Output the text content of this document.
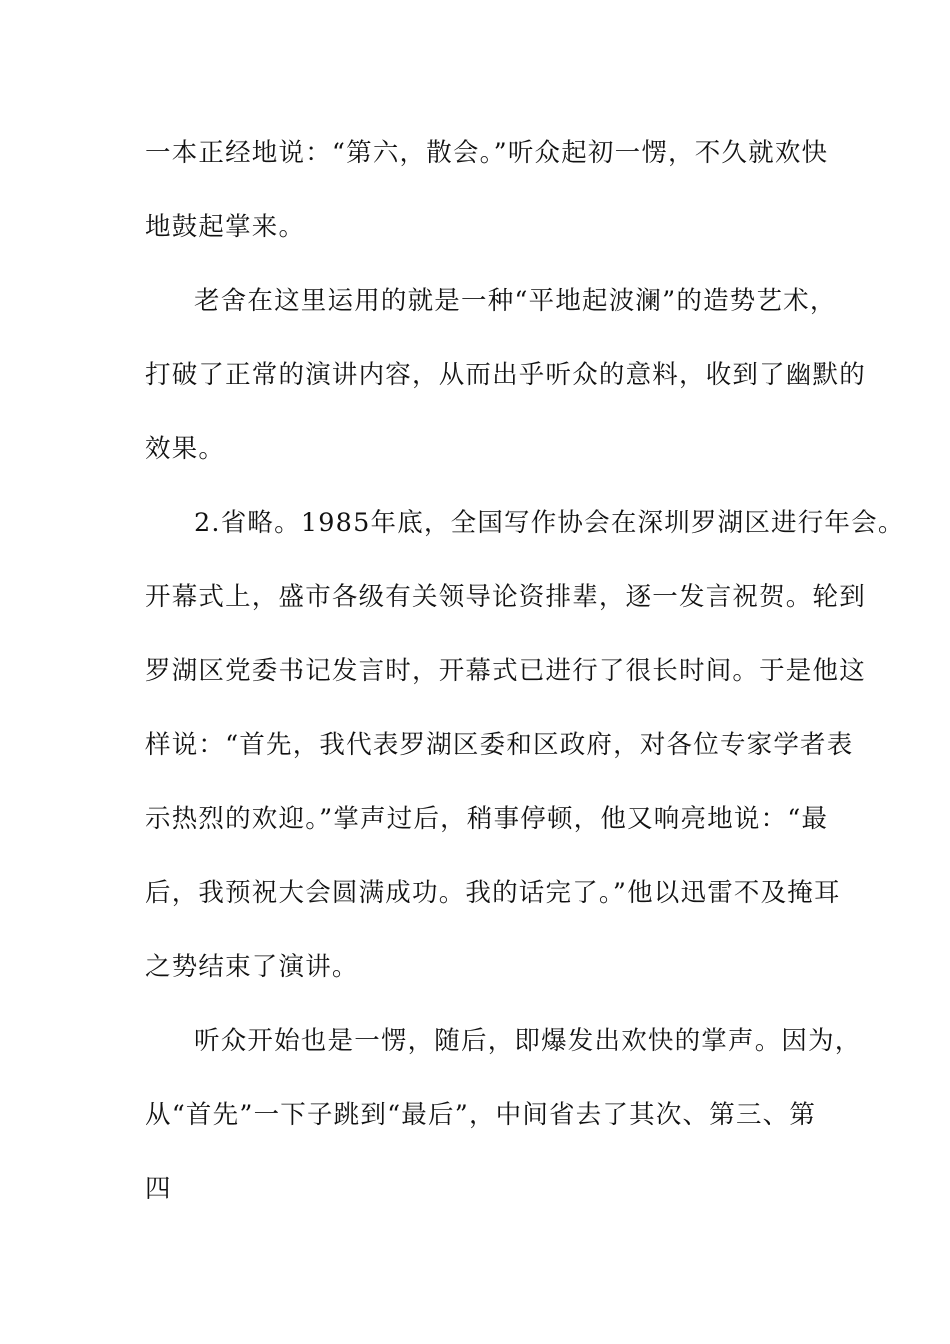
一本正经地说：“第六，散会。”听众起初一愣，不久就欢快
地鼓起掌来。
老舍在这里运用的就是一种“平地起波澜”的造势艺术，
打破了正常的演讲内容，从而出乎听众的意料，收到了幽默的
效果。
2.省略。1985年底，全国写作协会在深圳罗湖区进行年会。
开幕式上，盛市各级有关领导论资排辈，逐一发言祝贺。轮到
罗湖区党委书记发言时，开幕式已进行了很长时间。于是他这
样说：“首先，我代表罗湖区委和区政府，对各位专家学者表
示热烈的欢迎。”掌声过后，稍事停顿，他又响亮地说：“最
后，我预祝大会圆满成功。我的话完了。”他以迅雷不及掩耳
之势结束了演讲。
听众开始也是一愣，随后，即爆发出欢快的掌声。因为，
从“首先”一下子跳到“最后”，中间省去了其次、第三、第
四
